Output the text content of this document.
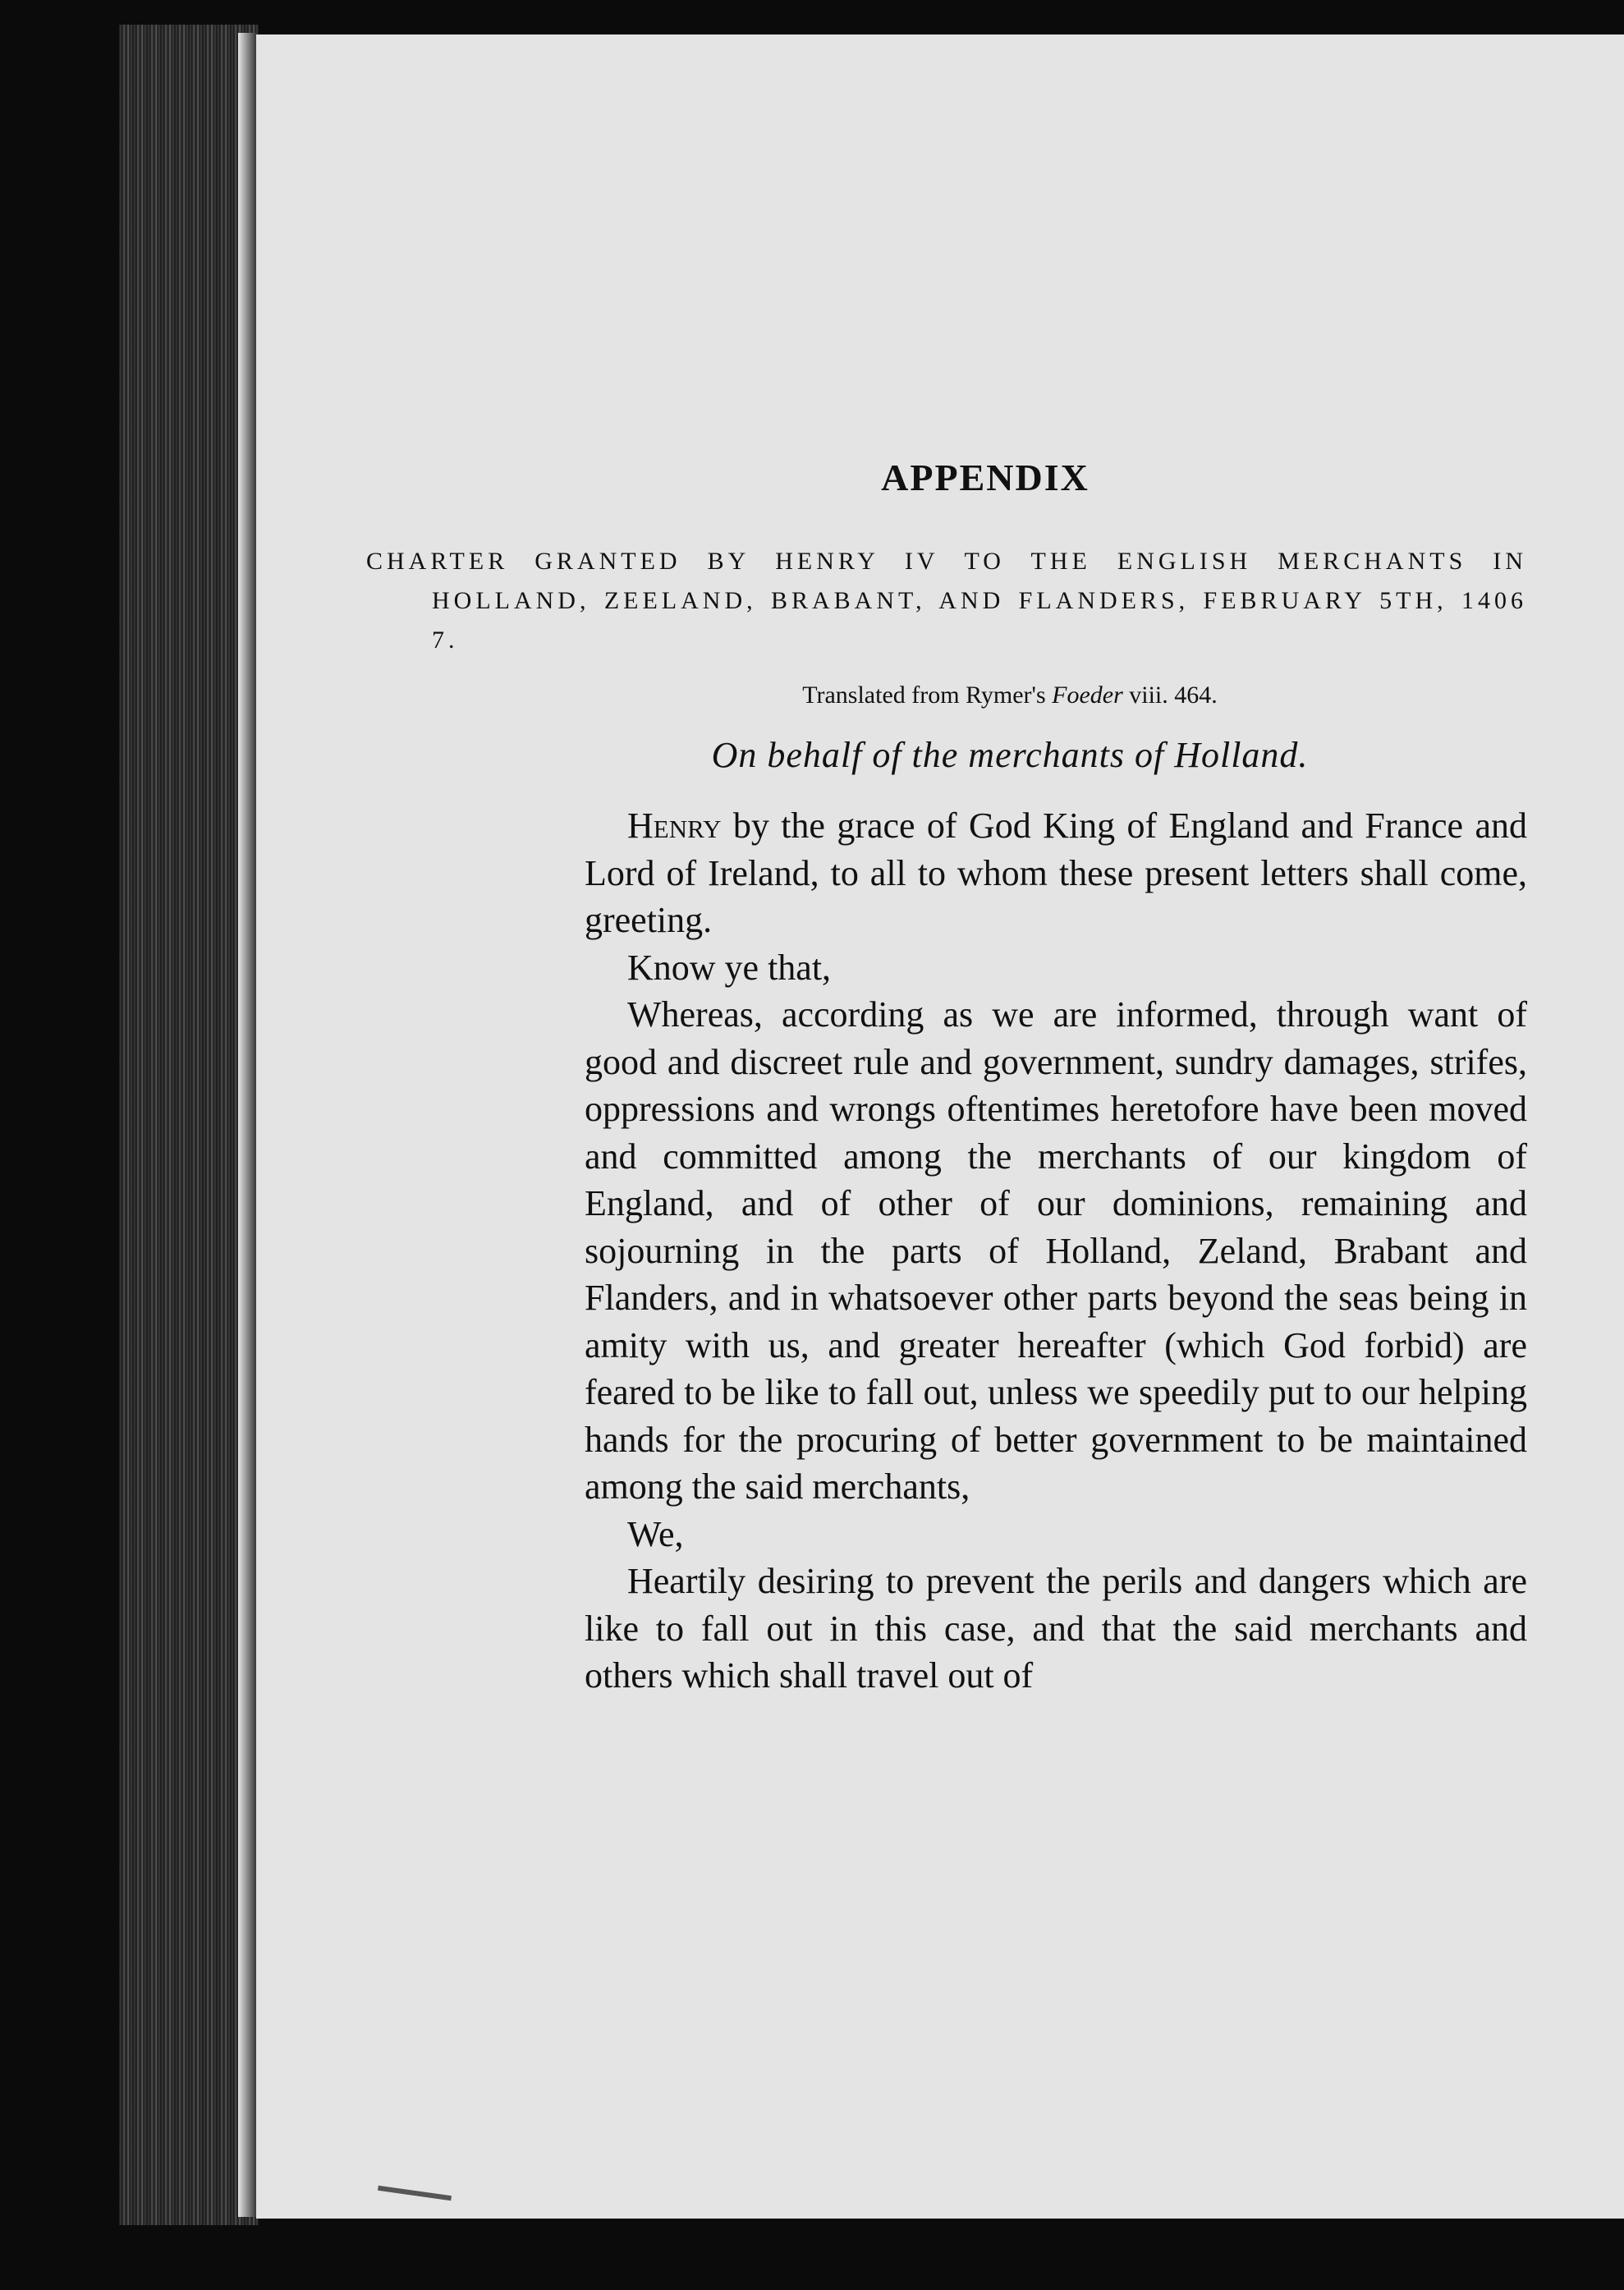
APPENDIX

CHARTER GRANTED BY HENRY IV TO THE ENGLISH MERCHANTS IN HOLLAND, ZEELAND, BRABANT, AND FLANDERS, FEBRUARY 5TH, 1406 7.

Translated from Rymer's Foeder viii. 464.

On behalf of the merchants of Holland.

Henry by the grace of God King of England and France and Lord of Ireland, to all to whom these present letters shall come, greeting.

Know ye that,

Whereas, according as we are informed, through want of good and discreet rule and government, sundry damages, strifes, oppressions and wrongs oftentimes heretofore have been moved and committed among the merchants of our kingdom of England, and of other of our dominions, remaining and sojourning in the parts of Holland, Zeland, Brabant and Flanders, and in whatsoever other parts beyond the seas being in amity with us, and greater hereafter (which God forbid) are feared to be like to fall out, unless we speedily put to our helping hands for the procuring of better government to be maintained among the said merchants,

We,

Heartily desiring to prevent the perils and dangers which are like to fall out in this case, and that the said merchants and others which shall travel out of
